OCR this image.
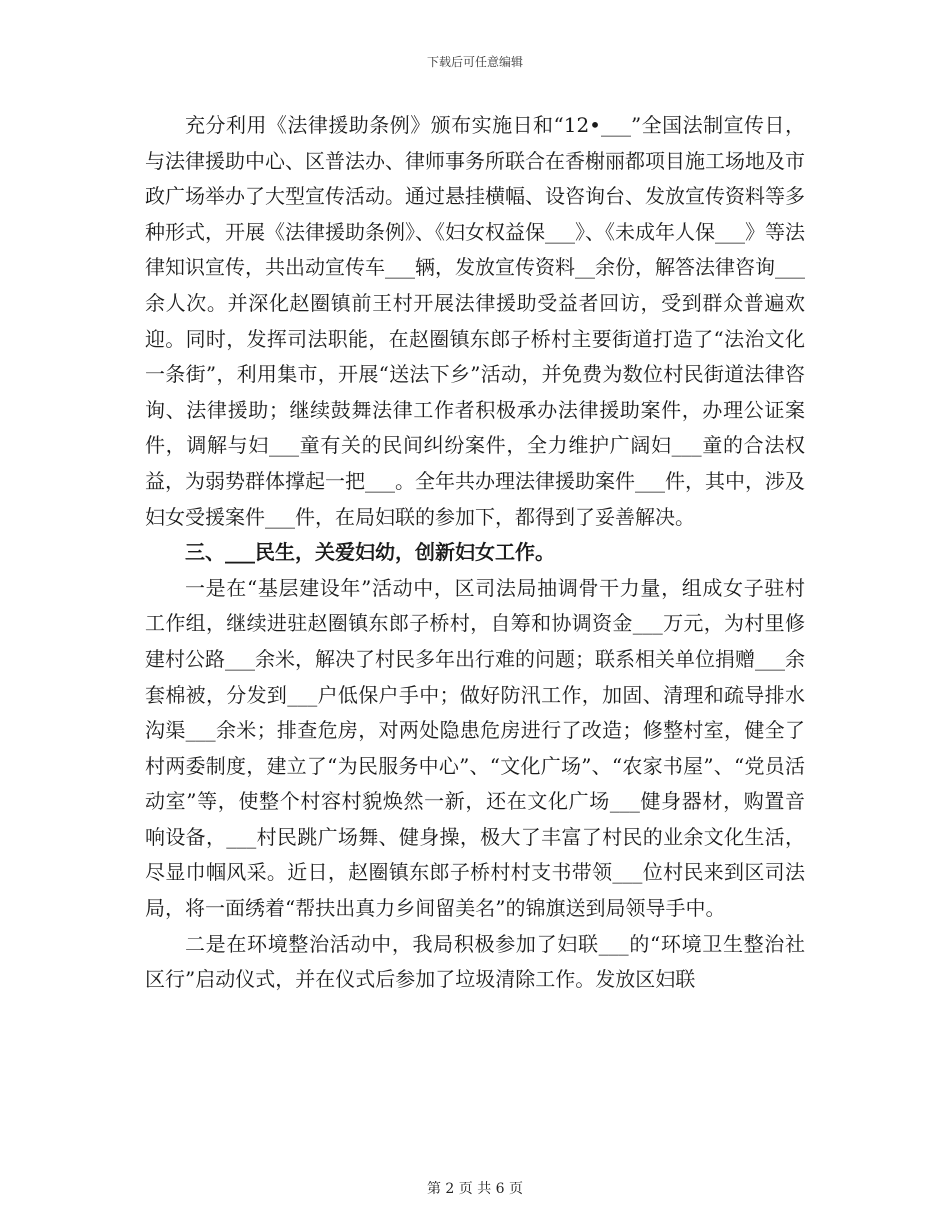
下载后可任意编辑

充分利用《法律援助条例》颁布实施日和“12•___”全国法制宣传日，与法律援助中心、区普法办、律师事务所联合在香榭丽都项目施工场地及市政广场举办了大型宣传活动。通过悬挂横幅、设咨询台、发放宣传资料等多种形式，开展《法律援助条例》、《妇女权益保___》、《未成年人保___》等法律知识宣传，共出动宣传车___辆，发放宣传资料__余份，解答法律咨询___余人次。并深化赵圈镇前王村开展法律援助受益者回访，受到群众普遍欢迎。同时，发挥司法职能，在赵圈镇东郎子桥村主要街道打造了“法治文化一条街”，利用集市，开展“送法下乡”活动，并免费为数位村民街道法律咨询、法律援助；继续鼓舞法律工作者积极承办法律援助案件，办理公证案件，调解与妇___童有关的民间纠纷案件，全力维护广阔妇___童的合法权益，为弱势群体撑起一把___。全年共办理法律援助案件___件，其中，涉及妇女受援案件___件，在局妇联的参加下，都得到了妥善解决。

三、___民生，关爱妇幼，创新妇女工作。

一是在“基层建设年”活动中，区司法局抽调骨干力量，组成女子驻村工作组，继续进驻赵圈镇东郎子桥村，自筹和协调资金___万元，为村里修建村公路___余米，解决了村民多年出行难的问题；联系相关单位捐赠___余套棉被，分发到___户低保户手中；做好防汛工作，加固、清理和疏导排水沟渠___余米；排查危房，对两处隐患危房进行了改造；修整村室，健全了村两委制度，建立了“为民服务中心”、“文化广场”、“农家书屋”、“党员活动室”等，使整个村容村貌焕然一新，还在文化广场___健身器材，购置音响设备，___村民跳广场舞、健身操，极大了丰富了村民的业余文化生活，尽显巾帼风采。近日，赵圈镇东郎子桥村村支书带领___位村民来到区司法局，将一面绣着“帮扶出真力乡间留美名”的锦旗送到局领导手中。

二是在环境整治活动中，我局积极参加了妇联___的“环境卫生整治社区行”启动仪式，并在仪式后参加了垃圾清除工作。发放区妇联

第 2 页 共 6 页
